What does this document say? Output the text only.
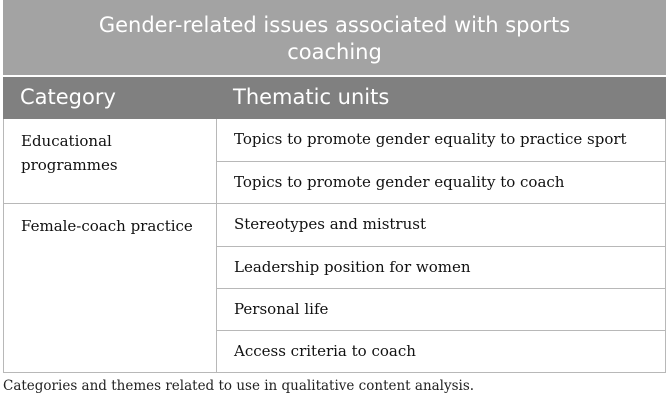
Gender-related issues associated with sports coaching
Category	Thematic units
Educational programmes
Topics to promote gender equality to practice sport
Topics to promote gender equality to coach
Female-coach practice	Stereotypes and mistrust
Leadership position for women
Personal life
Access criteria to coach
Categories and themes related to use in qualitative content analysis.
